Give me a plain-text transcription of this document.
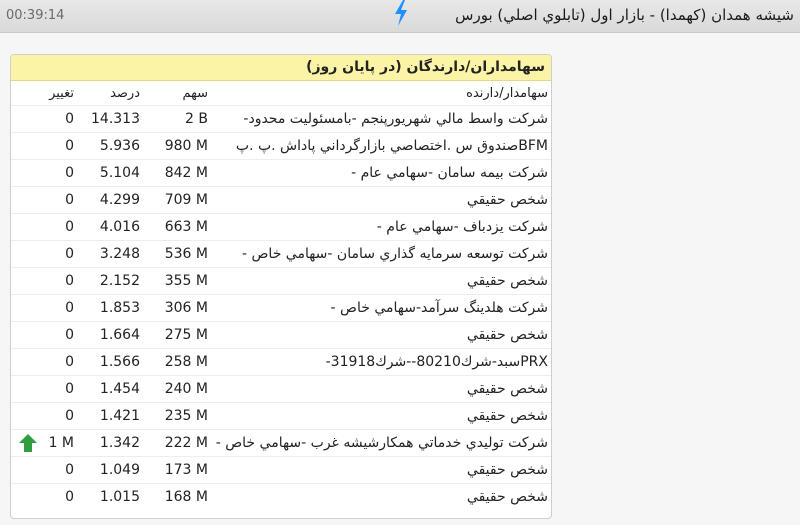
00:39:14	شیشه همدان (کهمدا) - بازار اول (تابلوي اصلي) بورس
سهامداران/دارندگان (در پایان روز)
تغییر	درصد	سهم	سهامدار/دارنده
0	14.313	2 B	شرکت واسط مالي شهريورپنجم -بامسئوليت محدود-
0	5.936	980 M	BFMصندوق س .اختصاصي بازارگرداني پاداش .پ .پ
0	5.104	842 M	شرکت بيمه سامان -سهامي عام -
0	4.299	709 M	شخص حقيقي
0	4.016	663 M	شرکت يزدباف -سهامي عام -
0	3.248	536 M	شرکت توسعه سرمايه گذاري سامان -سهامي خاص -
0	2.152	355 M	شخص حقيقي
0	1.853	306 M	شرکت هلدينگ سرآمد-سهامي خاص -
0	1.664	275 M	شخص حقيقي
0	1.566	258 M	PRXسبد-شرك80210--شرك31918-
0	1.454	240 M	شخص حقيقي
0	1.421	235 M	شخص حقيقي

1 M	1.342	222 M	شرکت توليدي خدماتي همکارشيشه غرب -سهامي خاص -
0	1.049	173 M	شخص حقيقي
0	1.015	168 M	شخص حقيقي
